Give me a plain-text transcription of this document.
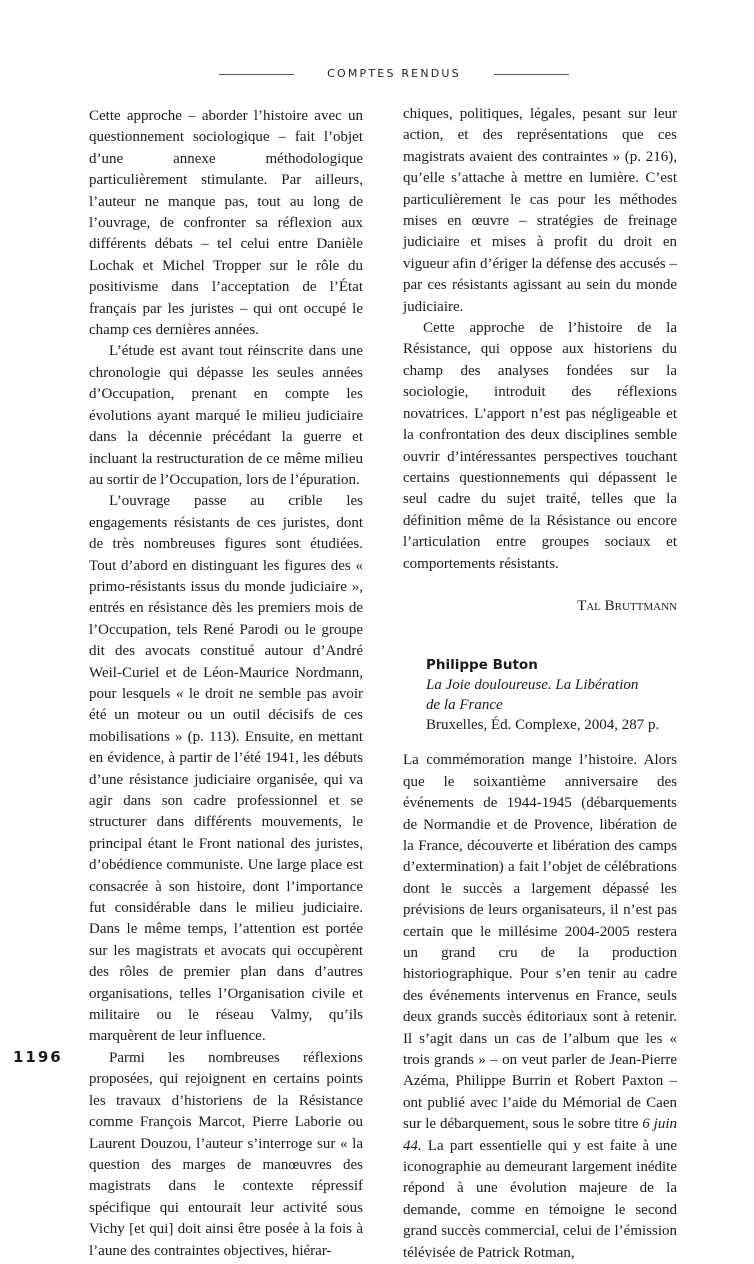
COMPTES RENDUS

Cette approche – aborder l’histoire avec un questionnement sociologique – fait l’objet d’une annexe méthodologique particulièrement stimulante. Par ailleurs, l’auteur ne manque pas, tout au long de l’ouvrage, de confronter sa réflexion aux différents débats – tel celui entre Danièle Lochak et Michel Tropper sur le rôle du positivisme dans l’acceptation de l’État français par les juristes – qui ont occupé le champ ces dernières années.

L’étude est avant tout réinscrite dans une chronologie qui dépasse les seules années d’Occupation, prenant en compte les évolutions ayant marqué le milieu judiciaire dans la décennie précédant la guerre et incluant la restructuration de ce même milieu au sortir de l’Occupation, lors de l’épuration.

L’ouvrage passe au crible les engagements résistants de ces juristes, dont de très nombreuses figures sont étudiées. Tout d’abord en distinguant les figures des « primo-résistants issus du monde judiciaire », entrés en résistance dès les premiers mois de l’Occupation, tels René Parodi ou le groupe dit des avocats constitué autour d’André Weil-Curiel et de Léon-Maurice Nordmann, pour lesquels « le droit ne semble pas avoir été un moteur ou un outil décisifs de ces mobilisations » (p. 113). Ensuite, en mettant en évidence, à partir de l’été 1941, les débuts d’une résistance judiciaire organisée, qui va agir dans son cadre professionnel et se structurer dans différents mouvements, le principal étant le Front national des juristes, d’obédience communiste. Une large place est consacrée à son histoire, dont l’importance fut considérable dans le milieu judiciaire. Dans le même temps, l’attention est portée sur les magistrats et avocats qui occupèrent des rôles de premier plan dans d’autres organisations, telles l’Organisation civile et militaire ou le réseau Valmy, qu’ils marquèrent de leur influence.

Parmi les nombreuses réflexions proposées, qui rejoignent en certains points les travaux d’historiens de la Résistance comme François Marcot, Pierre Laborie ou Laurent Douzou, l’auteur s’interroge sur « la question des marges de manœuvres des magistrats dans le contexte répressif spécifique qui entourait leur activité sous Vichy [et qui] doit ainsi être posée à la fois à l’aune des contraintes objectives, hiérar-

chiques, politiques, légales, pesant sur leur action, et des représentations que ces magistrats avaient des contraintes » (p. 216), qu’elle s’attache à mettre en lumière. C’est particulièrement le cas pour les méthodes mises en œuvre – stratégies de freinage judiciaire et mises à profit du droit en vigueur afin d’ériger la défense des accusés – par ces résistants agissant au sein du monde judiciaire.

Cette approche de l’histoire de la Résistance, qui oppose aux historiens du champ des analyses fondées sur la sociologie, introduit des réflexions novatrices. L’apport n’est pas négligeable et la confrontation des deux disciplines semble ouvrir d’intéressantes perspectives touchant certains questionnements qui dépassent le seul cadre du sujet traité, telles que la définition même de la Résistance ou encore l’articulation entre groupes sociaux et comportements résistants.

Tal Bruttmann

Philippe Buton
La Joie douloureuse. La Libération
de la France
Bruxelles, Éd. Complexe, 2004, 287 p.

La commémoration mange l’histoire. Alors que le soixantième anniversaire des événements de 1944-1945 (débarquements de Normandie et de Provence, libération de la France, découverte et libération des camps d’extermination) a fait l’objet de célébrations dont le succès a largement dépassé les prévisions de leurs organisateurs, il n’est pas certain que le millésime 2004-2005 restera un grand cru de la production historiographique. Pour s’en tenir au cadre des événements intervenus en France, seuls deux grands succès éditoriaux sont à retenir. Il s’agit dans un cas de l’album que les « trois grands » – on veut parler de Jean-Pierre Azéma, Philippe Burrin et Robert Paxton – ont publié avec l’aide du Mémorial de Caen sur le débarquement, sous le sobre titre 6 juin 44. La part essentielle qui y est faite à une iconographie au demeurant largement inédite répond à une évolution majeure de la demande, comme en témoigne le second grand succès commercial, celui de l’émission télévisée de Patrick Rotman,

1196
